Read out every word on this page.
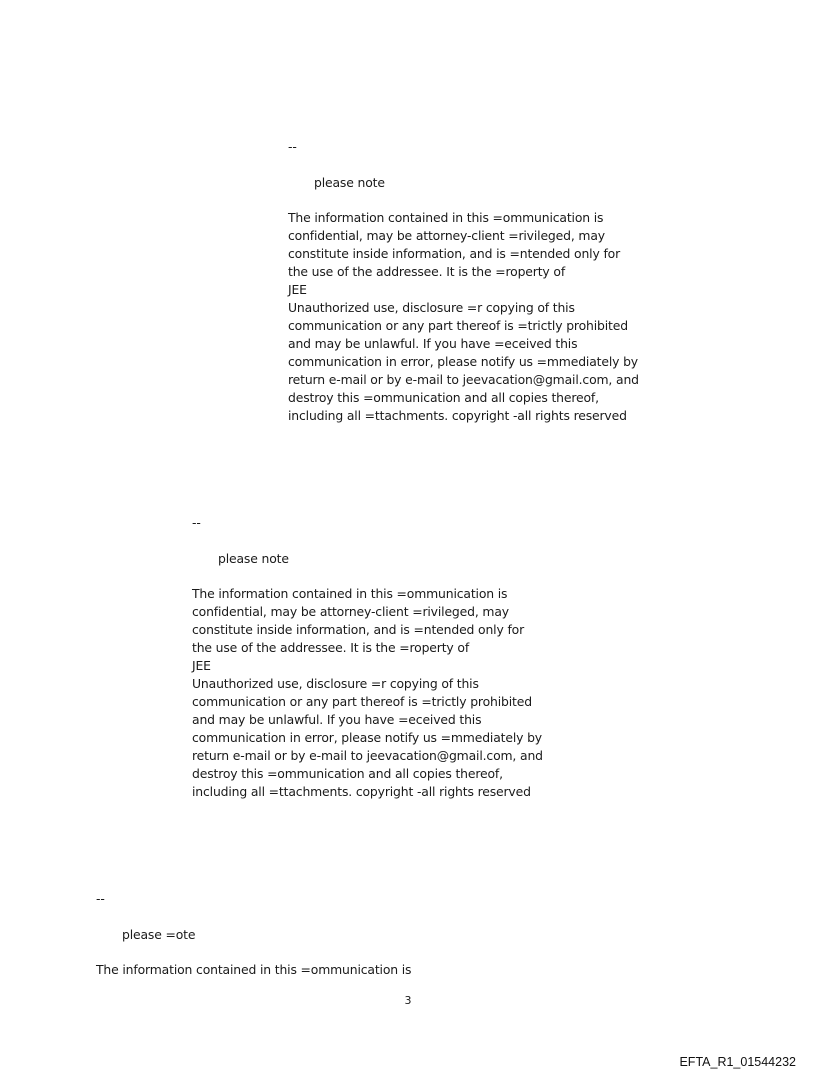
--
please note
The information contained in this =ommunication is
confidential, may be attorney-client =rivileged, may
constitute inside information, and is =ntended only for
the use of the addressee. It is the =roperty of
JEE
Unauthorized use, disclosure =r copying of this
communication or any part thereof is =trictly prohibited
and may be unlawful. If you have =eceived this
communication in error, please notify us =mmediately by
return e-mail or by e-mail to jeevacation@gmail.com, and
destroy this =ommunication and all copies thereof,
including all =ttachments. copyright -all rights reserved
--
please note
The information contained in this =ommunication is
confidential, may be attorney-client =rivileged, may
constitute inside information, and is =ntended only for
the use of the addressee. It is the =roperty of
JEE
Unauthorized use, disclosure =r copying of this
communication or any part thereof is =trictly prohibited
and may be unlawful. If you have =eceived this
communication in error, please notify us =mmediately by
return e-mail or by e-mail to jeevacation@gmail.com, and
destroy this =ommunication and all copies thereof,
including all =ttachments. copyright -all rights reserved
--
please =ote
The information contained in this =ommunication is
3
EFTA_R1_01544232
